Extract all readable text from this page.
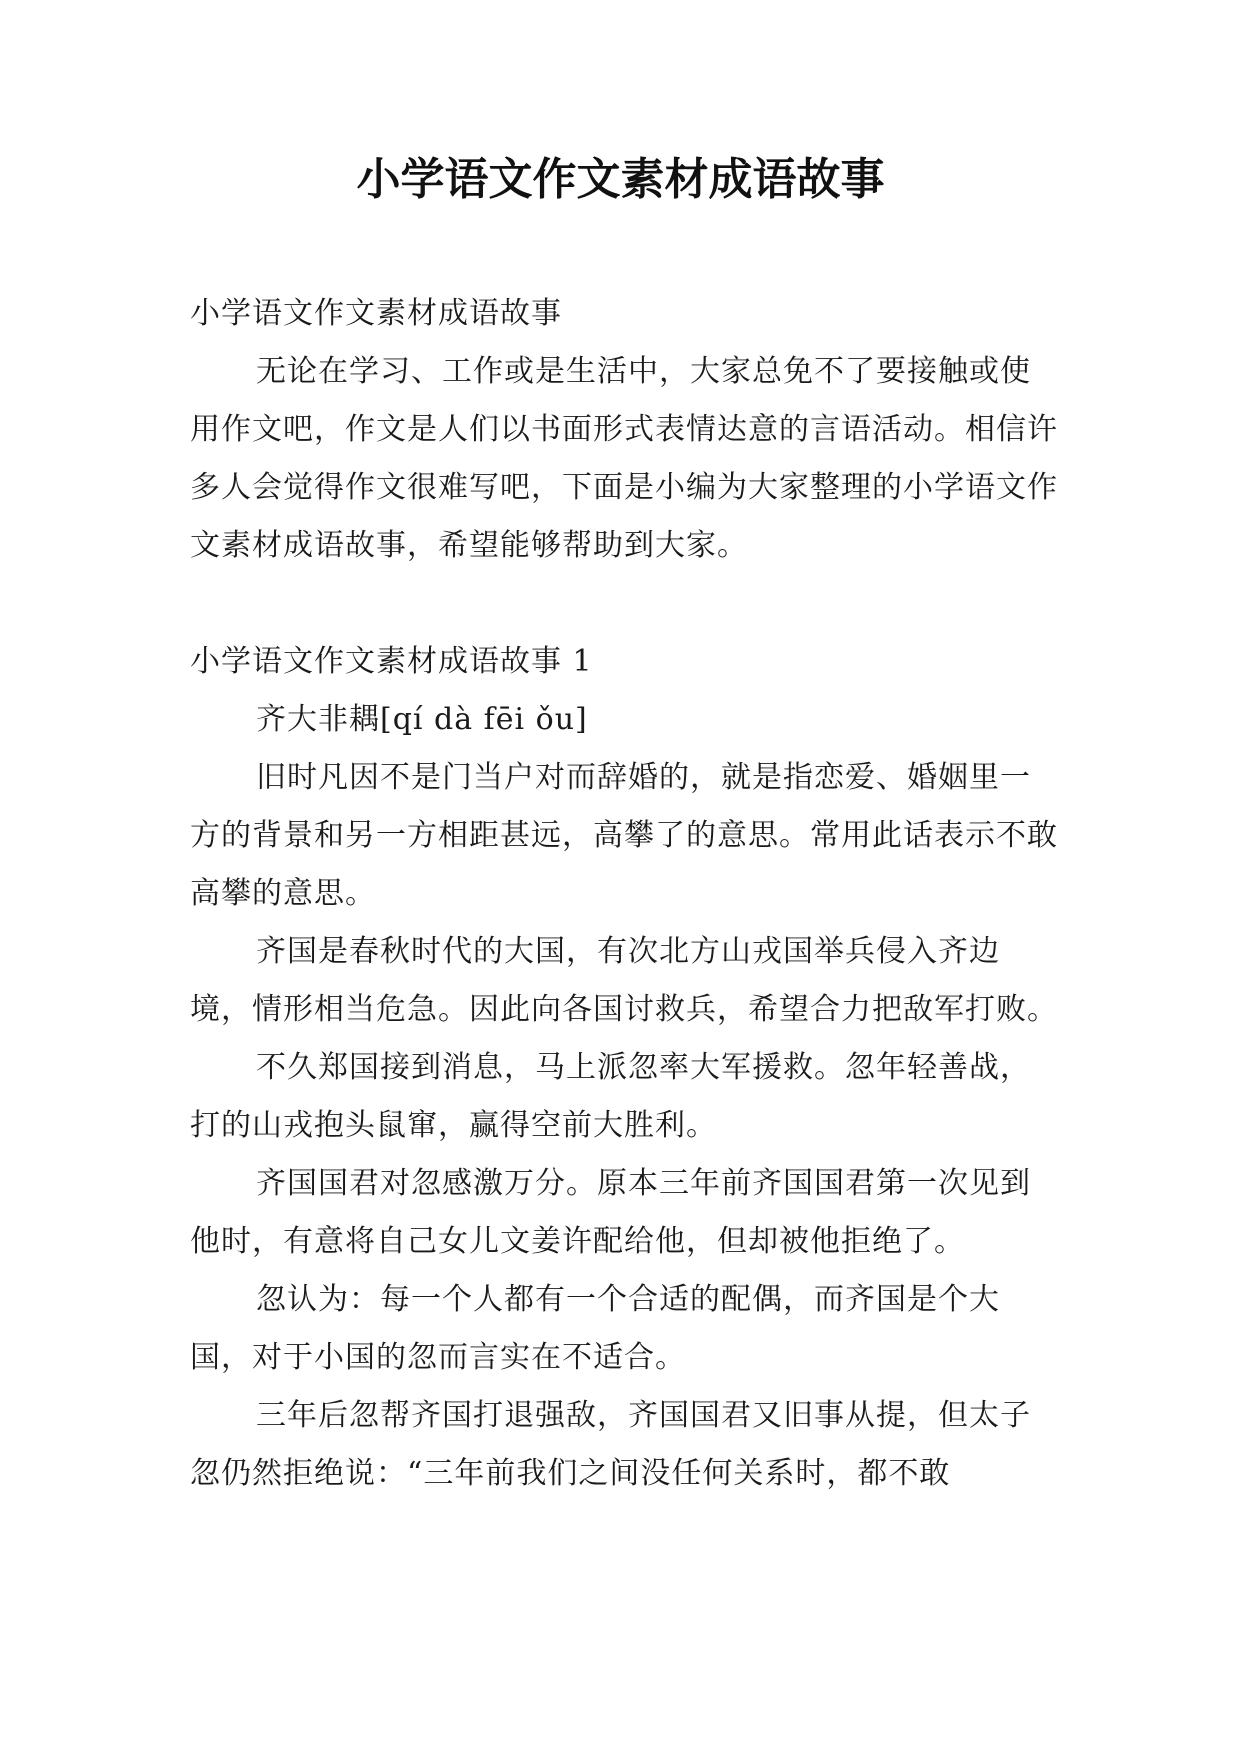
小学语文作文素材成语故事

小学语文作文素材成语故事

无论在学习、工作或是生活中，大家总免不了要接触或使用作文吧，作文是人们以书面形式表情达意的言语活动。相信许多人会觉得作文很难写吧，下面是小编为大家整理的小学语文作文素材成语故事，希望能够帮助到大家。

小学语文作文素材成语故事 1

齐大非耦[qí dà fēi ǒu]

旧时凡因不是门当户对而辞婚的，就是指恋爱、婚姻里一方的背景和另一方相距甚远，高攀了的意思。常用此话表示不敢高攀的意思。

齐国是春秋时代的大国，有次北方山戎国举兵侵入齐边境，情形相当危急。因此向各国讨救兵，希望合力把敌军打败。

不久郑国接到消息，马上派忽率大军援救。忽年轻善战，打的山戎抱头鼠窜，赢得空前大胜利。

齐国国君对忽感激万分。原本三年前齐国国君第一次见到他时，有意将自己女儿文姜许配给他，但却被他拒绝了。

忽认为：每一个人都有一个合适的配偶，而齐国是个大国，对于小国的忽而言实在不适合。

三年后忽帮齐国打退强敌，齐国国君又旧事从提，但太子忽仍然拒绝说：“三年前我们之间没任何关系时，都不敢
